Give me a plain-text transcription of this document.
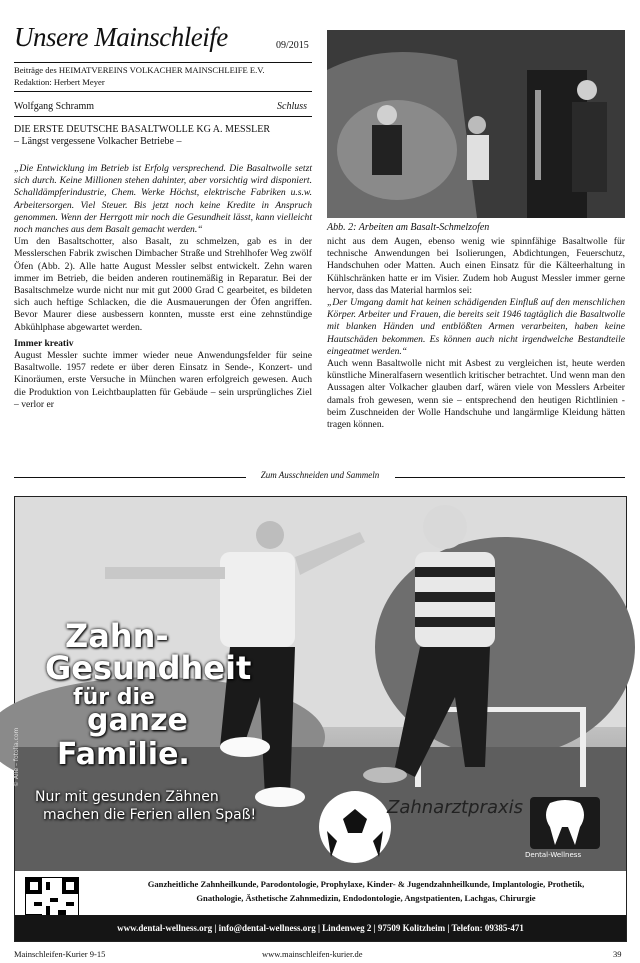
Unsere Mainschleife	09/2015
Beiträge des HEIMATVEREINS VOLKACHER MAINSCHLEIFE E.V.
Redaktion: Herbert Meyer
Wolfgang Schramm	Schluss
DIE ERSTE DEUTSCHE BASALTWOLLE KG A. MESSLER
– Längst vergessene Volkacher Betriebe –

„Die Entwicklung im Betrieb ist Erfolg versprechend. Die Basaltwolle setzt sich durch. Keine Millionen stehen dahinter, aber vorsichtig wird disponiert. Schalldämpferindustrie, Chem. Werke Höchst, elektrische Fabriken u.s.w. Arbeitersorgen. Viel Steuer. Bis jetzt noch keine Kredite in Anspruch genommen. Wenn der Herrgott mir noch die Gesundheit lässt, kann vielleicht noch manches aus dem Basalt gemacht werden.“

Um den Basaltschotter, also Basalt, zu schmelzen, gab es in der Messlerschen Fabrik zwischen Dimbacher Straße und Strehlhofer Weg zwölf Öfen (Abb. 2). Alle hatte August Messler selbst entwickelt. Zehn waren immer im Betrieb, die beiden anderen routinemäßig in Reparatur. Bei der Basaltschmelze wurde nicht nur mit gut 2000 Grad C gearbeitet, es bildeten sich auch heftige Schlacken, die die Ausmauerungen der Öfen angriffen. Bevor Maurer diese ausbessern konnten, musste erst eine zehnstündige Abkühlphase abgewartet werden.

Immer kreativ

August Messler suchte immer wieder neue Anwendungsfelder für seine Basaltwolle. 1957 redete er über deren Einsatz in Sende-, Konzert- und Kinoräumen, erste Versuche in München waren erfolgreich gewesen. Auch die Produktion von Leichtbauplatten für Gebäude – sein ursprüngliches Ziel – verlor er

Abb. 2: Arbeiten am Basalt-Schmelzofen

nicht aus dem Augen, ebenso wenig wie spinnfähige Basaltwolle für technische Anwendungen bei Isolierungen, Abdichtungen, Feuerschutz, Handschuhen oder Matten. Auch einen Einsatz für die Kälteerhaltung in Kühlschränken hatte er im Visier. Zudem hob August Messler immer gerne hervor, dass das Material harmlos sei:

„Der Umgang damit hat keinen schädigenden Einfluß auf den menschlichen Körper. Arbeiter und Frauen, die bereits seit 1946 tagtäglich die Basaltwolle mit blanken Händen und entblößten Armen verarbeiten, haben keine Hautschäden bekommen. Es können auch nicht irgendwelche Bestandteile eingeatmet werden.“

Auch wenn Basaltwolle nicht mit Asbest zu vergleichen ist, heute werden künstliche Mineralfasern wesentlich kritischer betrachtet. Und wenn man den Aussagen alter Volkacher glauben darf, wären viele von Messlers Arbeiter damals froh gewesen, wenn sie – entsprechend den heutigen Richtlinien - beim Zuschneiden der Wolle Handschuhe und langärmlige Kleidung hätten tragen können.

Zum Ausschneiden und Sammeln
Zahn-
Gesundheit
für die
ganze
Familie.
Nur mit gesunden Zähnen
machen die Ferien allen Spaß!
© Alle – fotolia.com
Zahnarztpraxis
Dental-Wellness
Ganzheitliche Zahnheilkunde, Parodontologie, Prophylaxe, Kinder- & Jugendzahnheilkunde, Implantologie, Prothetik,
Gnathologie, Ästhetische Zahnmedizin, Endodontologie, Angstpatienten, Lachgas, Chirurgie
www.dental-wellness.org | info@dental-wellness.org | Lindenweg 2 | 97509 Kolitzheim | Telefon: 09385-471
Mainschleifen-Kurier 9-15	www.mainschleifen-kurier.de	39
